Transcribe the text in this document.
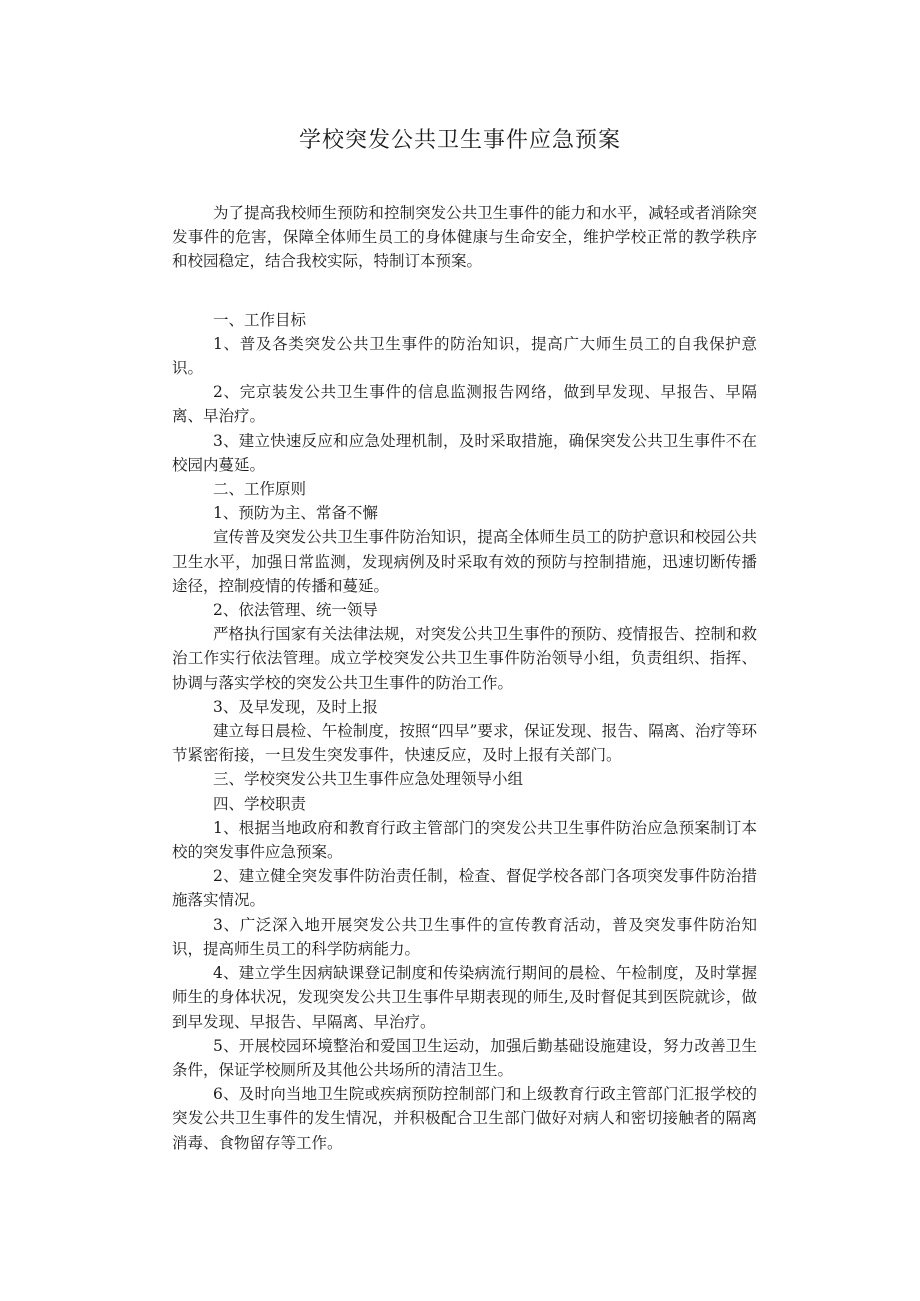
学校突发公共卫生事件应急预案

为了提高我校师生预防和控制突发公共卫生事件的能力和水平，减轻或者消除突发事件的危害，保障全体师生员工的身体健康与生命安全，维护学校正常的教学秩序和校园稳定，结合我校实际，特制订本预案。

一、工作目标

1、普及各类突发公共卫生事件的防治知识，提高广大师生员工的自我保护意识。

2、完京装发公共卫生事件的信息监测报告网络，做到早发现、早报告、早隔离、早治疗。

3、建立快速反应和应急处理机制，及时采取措施，确保突发公共卫生事件不在校园内蔓延。

二、工作原则

1、预防为主、常备不懈

宣传普及突发公共卫生事件防治知识，提高全体师生员工的防护意识和校园公共卫生水平，加强日常监测，发现病例及时采取有效的预防与控制措施，迅速切断传播途径，控制疫情的传播和蔓延。

2、依法管理、统一领导

严格执行国家有关法律法规，对突发公共卫生事件的预防、疫情报告、控制和救治工作实行依法管理。成立学校突发公共卫生事件防治领导小组，负责组织、指挥、协调与落实学校的突发公共卫生事件的防治工作。

3、及早发现，及时上报

建立每日晨检、午检制度，按照“四早”要求，保证发现、报告、隔离、治疗等环节紧密衔接，一旦发生突发事件，快速反应，及时上报有关部门。

三、学校突发公共卫生事件应急处理领导小组

四、学校职责

1、根据当地政府和教育行政主管部门的突发公共卫生事件防治应急预案制订本校的突发事件应急预案。

2、建立健全突发事件防治责任制，检查、督促学校各部门各项突发事件防治措施落实情况。

3、广泛深入地开展突发公共卫生事件的宣传教育活动，普及突发事件防治知识，提高师生员工的科学防病能力。

4、建立学生因病缺课登记制度和传染病流行期间的晨检、午检制度，及时掌握师生的身体状况，发现突发公共卫生事件早期表现的师生,及时督促其到医院就诊，做到早发现、早报告、早隔离、早治疗。

5、开展校园环境整治和爱国卫生运动，加强后勤基础设施建设，努力改善卫生条件，保证学校厕所及其他公共场所的清洁卫生。

6、及时向当地卫生院或疾病预防控制部门和上级教育行政主管部门汇报学校的突发公共卫生事件的发生情况，并积极配合卫生部门做好对病人和密切接触者的隔离消毒、食物留存等工作。
